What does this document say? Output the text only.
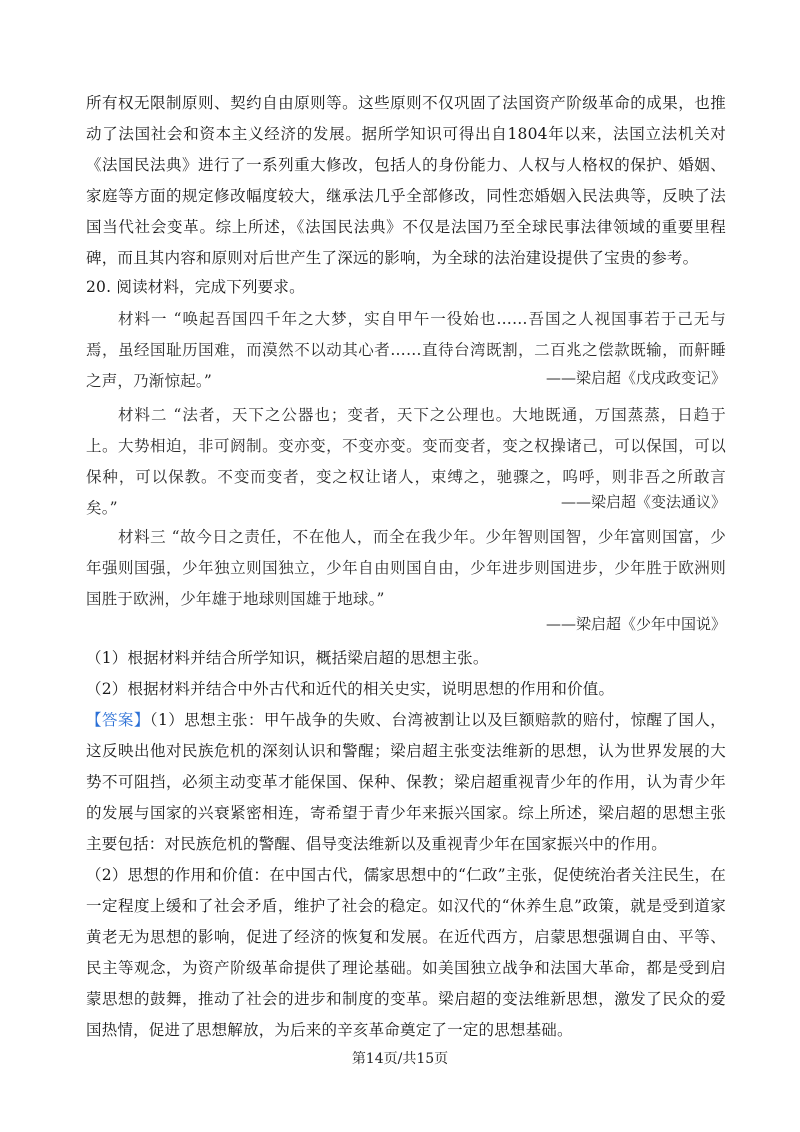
所有权无限制原则、契约自由原则等。这些原则不仅巩固了法国资产阶级革命的成果，也推动了法国社会和资本主义经济的发展。据所学知识可得出自1804年以来，法国立法机关对《法国民法典》进行了一系列重大修改，包括人的身份能力、人权与人格权的保护、婚姻、家庭等方面的规定修改幅度较大，继承法几乎全部修改，同性恋婚姻入民法典等，反映了法国当代社会变革。综上所述，《法国民法典》不仅是法国乃至全球民事法律领域的重要里程碑，而且其内容和原则对后世产生了深远的影响，为全球的法治建设提供了宝贵的参考。
20. 阅读材料，完成下列要求。
材料一 “唤起吾国四千年之大梦，实自甲午一役始也……吾国之人视国事若于己无与焉，虽经国耻历国难，而漠然不以动其心者……直待台湾既割，二百兆之偿款既输，而鼾睡之声，乃渐惊起。”	——梁启超《戊戌政变记》
材料二 “法者，天下之公器也；变者，天下之公理也。大地既通，万国蒸蒸，日趋于上。大势相迫，非可阏制。变亦变，不变亦变。变而变者，变之权操诸己，可以保国，可以保种，可以保教。不变而变者，变之权让诸人，束缚之，驰骤之，呜呼，则非吾之所敢言矣。”	——梁启超《变法通议》
材料三 “故今日之责任，不在他人，而全在我少年。少年智则国智，少年富则国富，少年强则国强，少年独立则国独立，少年自由则国自由，少年进步则国进步，少年胜于欧洲则国胜于欧洲，少年雄于地球则国雄于地球。”
——梁启超《少年中国说》
（1）根据材料并结合所学知识，概括梁启超的思想主张。
（2）根据材料并结合中外古代和近代的相关史实，说明思想的作用和价值。
【答案】（1）思想主张：甲午战争的失败、台湾被割让以及巨额赔款的赔付，惊醒了国人，这反映出他对民族危机的深刻认识和警醒；梁启超主张变法维新的思想，认为世界发展的大势不可阻挡，必须主动变革才能保国、保种、保教；梁启超重视青少年的作用，认为青少年的发展与国家的兴衰紧密相连，寄希望于青少年来振兴国家。综上所述，梁启超的思想主张主要包括：对民族危机的警醒、倡导变法维新以及重视青少年在国家振兴中的作用。
（2）思想的作用和价值：在中国古代，儒家思想中的“仁政”主张，促使统治者关注民生，在一定程度上缓和了社会矛盾，维护了社会的稳定。如汉代的“休养生息”政策，就是受到道家黄老无为思想的影响，促进了经济的恢复和发展。在近代西方，启蒙思想强调自由、平等、民主等观念，为资产阶级革命提供了理论基础。如美国独立战争和法国大革命，都是受到启蒙思想的鼓舞，推动了社会的进步和制度的变革。梁启超的变法维新思想，激发了民众的爱国热情，促进了思想解放，为后来的辛亥革命奠定了一定的思想基础。
第14页/共15页
